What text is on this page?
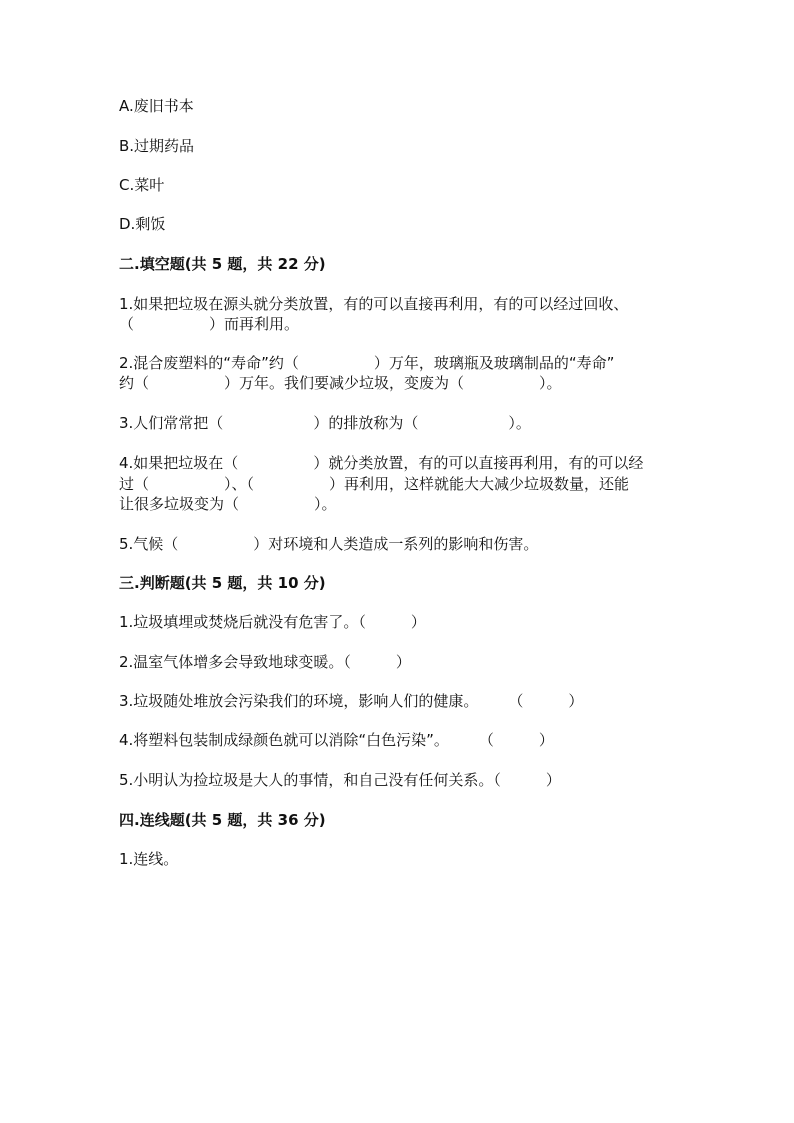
A.废旧书本
B.过期药品
C.菜叶
D.剩饭
二.填空题(共 5 题，共 22 分)
1.如果把垃圾在源头就分类放置，有的可以直接再利用，有的可以经过回收、
（　　　　　）而再利用。
2.混合废塑料的“寿命”约（　　　　　）万年，玻璃瓶及玻璃制品的“寿命”
约（　　　　　）万年。我们要减少垃圾，变废为（　　　　　）。
3.人们常常把（　　　　　　）的排放称为（　　　　　　）。
4.如果把垃圾在（　　　　　）就分类放置，有的可以直接再利用，有的可以经
过（　　　　　）、（　　　　　）再利用，这样就能大大减少垃圾数量，还能
让很多垃圾变为（　　　　　）。
5.气候（　　　　　）对环境和人类造成一系列的影响和伤害。
三.判断题(共 5 题，共 10 分)
1.垃圾填埋或焚烧后就没有危害了。（　　　）
2.温室气体增多会导致地球变暖。（　　　）
3.垃圾随处堆放会污染我们的环境，影响人们的健康。　　　（　　　）
4.将塑料包装制成绿颜色就可以消除“白色污染”。　　　（　　　）
5.小明认为捡垃圾是大人的事情，和自己没有任何关系。（　　　）
四.连线题(共 5 题，共 36 分)
1.连线。
